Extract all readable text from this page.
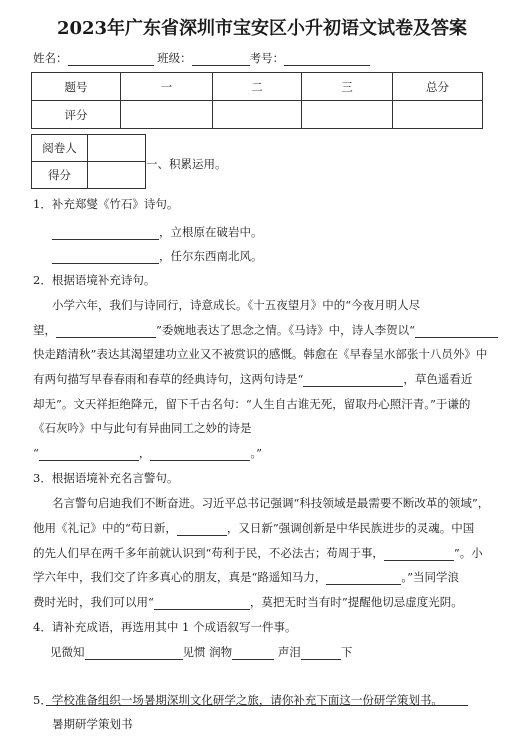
2023年广东省深圳市宝安区小升初语文试卷及答案
姓名：	班级：	考号：
题号	一	二	三	总分
评分				
阅卷人	
得分	
一、积累运用。
1．补充郑燮《竹石》诗句。
，立根原在破岩中。
，任尔东西南北风。
2．根据语境补充诗句。
小学六年，我们与诗同行，诗意成长。《十五夜望月》中的“今夜月明人尽
望，	”委婉地表达了思念之情。《马诗》中，诗人李贺以“
快走踏清秋”表达其渴望建功立业又不被赏识的感慨。韩愈在《早春呈水部张十八员外》中
有两句描写早春春雨和春草的经典诗句，这两句诗是“	，草色遥看近
却无”。文天祥拒绝降元，留下千古名句：“人生自古谁无死，留取丹心照汗青。”于谦的
《石灰吟》中与此句有异曲同工之妙的诗是
“	，	。”
3．根据语境补充名言警句。
名言警句启迪我们不断奋进。习近平总书记强调“科技领域是最需要不断改革的领域”，
他用《礼记》中的“苟日新，	，又日新”强调创新是中华民族进步的灵魂。中国
的先人们早在两千多年前就认识到“苟利于民，不必法古；苟周于事，	”。小
学六年中，我们交了许多真心的朋友，真是“路遥知马力，	。”当同学浪
费时光时，我们可以用“	，莫把无时当有时”提醒他切忌虚度光阴。
4．请补充成语，再选用其中 1 个成语叙写一件事。
见微知	见惯 润物	声泪	下
5．学校准备组织一场暑期深圳文化研学之旅，请你补充下面这一份研学策划书。
暑期研学策划书
